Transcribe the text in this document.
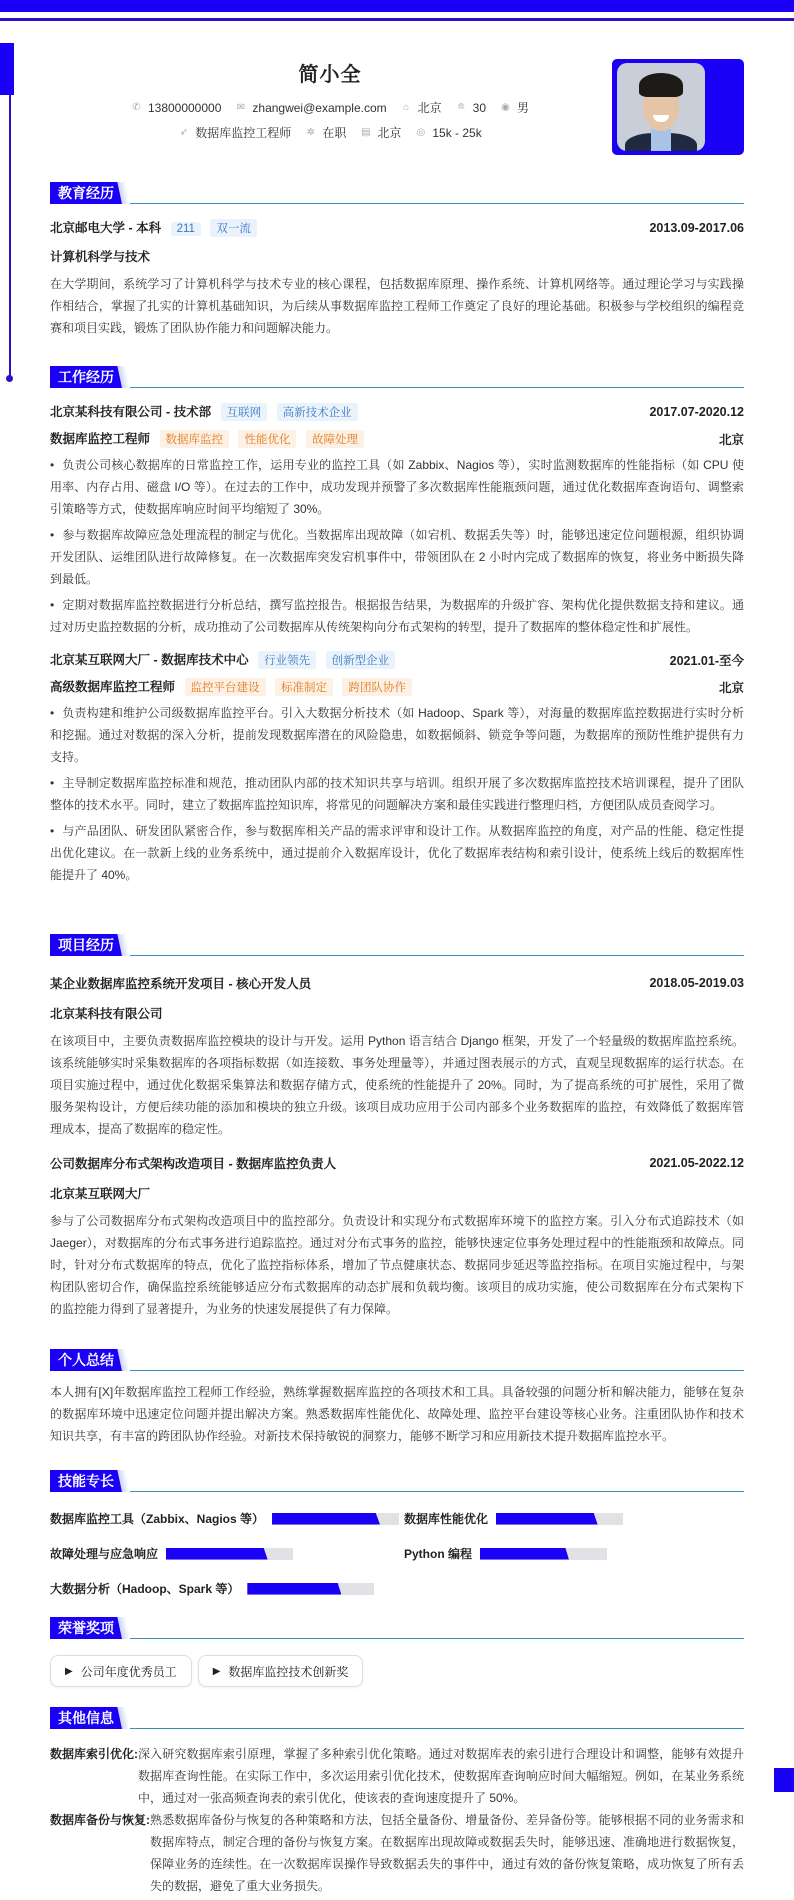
简小全
✆ 13800000000 ✉ zhangwei@example.com ⌂ 北京 ≘ 30 ◉ 男
➶ 数据库监控工程师 ✲ 在职 ▤ 北京 ◎ 15k - 25k
教育经历
北京邮电大学 - 本科 211 双一流	2013.09-2017.06
计算机科学与技术
在大学期间，系统学习了计算机科学与技术专业的核心课程，包括数据库原理、操作系统、计算机网络等。通过理论学习与实践操作相结合，掌握了扎实的计算机基础知识，为后续从事数据库监控工程师工作奠定了良好的理论基础。积极参与学校组织的编程竞赛和项目实践，锻炼了团队协作能力和问题解决能力。
工作经历
北京某科技有限公司 - 技术部 互联网 高新技术企业	2017.07-2020.12
数据库监控工程师 数据库监控 性能优化 故障处理	北京
• 负责公司核心数据库的日常监控工作，运用专业的监控工具（如 Zabbix、Nagios 等），实时监测数据库的性能指标（如 CPU 使用率、内存占用、磁盘 I/O 等）。在过去的工作中，成功发现并预警了多次数据库性能瓶颈问题，通过优化数据库查询语句、调整索引策略等方式，使数据库响应时间平均缩短了 30%。
• 参与数据库故障应急处理流程的制定与优化。当数据库出现故障（如宕机、数据丢失等）时，能够迅速定位问题根源，组织协调开发团队、运维团队进行故障修复。在一次数据库突发宕机事件中，带领团队在 2 小时内完成了数据库的恢复，将业务中断损失降到最低。
• 定期对数据库监控数据进行分析总结，撰写监控报告。根据报告结果，为数据库的升级扩容、架构优化提供数据支持和建议。通过对历史监控数据的分析，成功推动了公司数据库从传统架构向分布式架构的转型，提升了数据库的整体稳定性和扩展性。
北京某互联网大厂 - 数据库技术中心 行业领先 创新型企业	2021.01-至今
高级数据库监控工程师 监控平台建设 标准制定 跨团队协作	北京
• 负责构建和维护公司级数据库监控平台。引入大数据分析技术（如 Hadoop、Spark 等），对海量的数据库监控数据进行实时分析和挖掘。通过对数据的深入分析，提前发现数据库潜在的风险隐患，如数据倾斜、锁竞争等问题，为数据库的预防性维护提供有力支持。
• 主导制定数据库监控标准和规范，推动团队内部的技术知识共享与培训。组织开展了多次数据库监控技术培训课程，提升了团队整体的技术水平。同时，建立了数据库监控知识库，将常见的问题解决方案和最佳实践进行整理归档，方便团队成员查阅学习。
• 与产品团队、研发团队紧密合作，参与数据库相关产品的需求评审和设计工作。从数据库监控的角度，对产品的性能、稳定性提出优化建议。在一款新上线的业务系统中，通过提前介入数据库设计，优化了数据库表结构和索引设计，使系统上线后的数据库性能提升了 40%。
项目经历
某企业数据库监控系统开发项目 - 核心开发人员	2018.05-2019.03
北京某科技有限公司
在该项目中，主要负责数据库监控模块的设计与开发。运用 Python 语言结合 Django 框架，开发了一个轻量级的数据库监控系统。该系统能够实时采集数据库的各项指标数据（如连接数、事务处理量等），并通过图表展示的方式，直观呈现数据库的运行状态。在项目实施过程中，通过优化数据采集算法和数据存储方式，使系统的性能提升了 20%。同时，为了提高系统的可扩展性，采用了微服务架构设计，方便后续功能的添加和模块的独立升级。该项目成功应用于公司内部多个业务数据库的监控，有效降低了数据库管理成本，提高了数据库的稳定性。
公司数据库分布式架构改造项目 - 数据库监控负责人	2021.05-2022.12
北京某互联网大厂
参与了公司数据库分布式架构改造项目中的监控部分。负责设计和实现分布式数据库环境下的监控方案。引入分布式追踪技术（如 Jaeger），对数据库的分布式事务进行追踪监控。通过对分布式事务的监控，能够快速定位事务处理过程中的性能瓶颈和故障点。同时，针对分布式数据库的特点，优化了监控指标体系，增加了节点健康状态、数据同步延迟等监控指标。在项目实施过程中，与架构团队密切合作，确保监控系统能够适应分布式数据库的动态扩展和负载均衡。该项目的成功实施，使公司数据库在分布式架构下的监控能力得到了显著提升，为业务的快速发展提供了有力保障。
个人总结
本人拥有[X]年数据库监控工程师工作经验，熟练掌握数据库监控的各项技术和工具。具备较强的问题分析和解决能力，能够在复杂的数据库环境中迅速定位问题并提出解决方案。熟悉数据库性能优化、故障处理、监控平台建设等核心业务。注重团队协作和技术知识共享，有丰富的跨团队协作经验。对新技术保持敏锐的洞察力，能够不断学习和应用新技术提升数据库监控水平。
技能专长
数据库监控工具（Zabbix、Nagios 等）	数据库性能优化
故障处理与应急响应	Python 编程
大数据分析（Hadoop、Spark 等）
荣誉奖项
▶ 公司年度优秀员工	▶ 数据库监控技术创新奖
其他信息
数据库索引优化: 深入研究数据库索引原理，掌握了多种索引优化策略。通过对数据库表的索引进行合理设计和调整，能够有效提升数据库查询性能。在实际工作中，多次运用索引优化技术，使数据库查询响应时间大幅缩短。例如，在某业务系统中，通过对一张高频查询表的索引优化，使该表的查询速度提升了 50%。
数据库备份与恢复: 熟悉数据库备份与恢复的各种策略和方法，包括全量备份、增量备份、差异备份等。能够根据不同的业务需求和数据库特点，制定合理的备份与恢复方案。在数据库出现故障或数据丢失时，能够迅速、准确地进行数据恢复，保障业务的连续性。在一次数据库误操作导致数据丢失的事件中，通过有效的备份恢复策略，成功恢复了所有丢失的数据，避免了重大业务损失。
